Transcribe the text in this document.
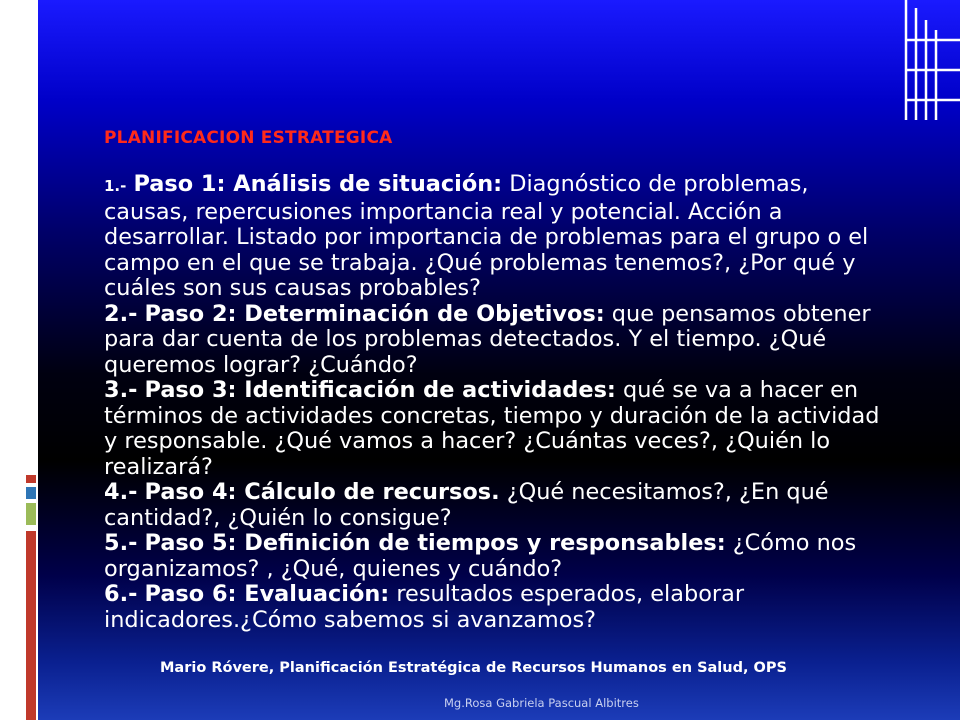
PLANIFICACION ESTRATEGICA
1.- Paso 1: Análisis de situación: Diagnóstico de problemas, causas, repercusiones importancia real y potencial. Acción a desarrollar. Listado por importancia de problemas para el grupo o el campo en el que se trabaja. ¿Qué problemas tenemos?, ¿Por qué y cuáles son sus causas probables?
2.- Paso 2: Determinación de Objetivos: que pensamos obtener para dar cuenta de los problemas detectados. Y el tiempo. ¿Qué queremos lograr? ¿Cuándo?
3.- Paso 3: Identificación de actividades: qué se va a hacer en términos de actividades concretas, tiempo y duración de la actividad y responsable. ¿Qué vamos a hacer? ¿Cuántas veces?, ¿Quién lo realizará?
4.- Paso 4: Cálculo de recursos. ¿Qué necesitamos?, ¿En qué cantidad?, ¿Quién lo consigue?
5.- Paso 5: Definición de tiempos y responsables: ¿Cómo nos organizamos? , ¿Qué, quienes y cuándo?
6.- Paso 6: Evaluación: resultados esperados, elaborar indicadores.¿Cómo sabemos si avanzamos?
Mario Róvere, Planificación Estratégica de Recursos Humanos en Salud, OPS
Mg.Rosa Gabriela Pascual Albitres
